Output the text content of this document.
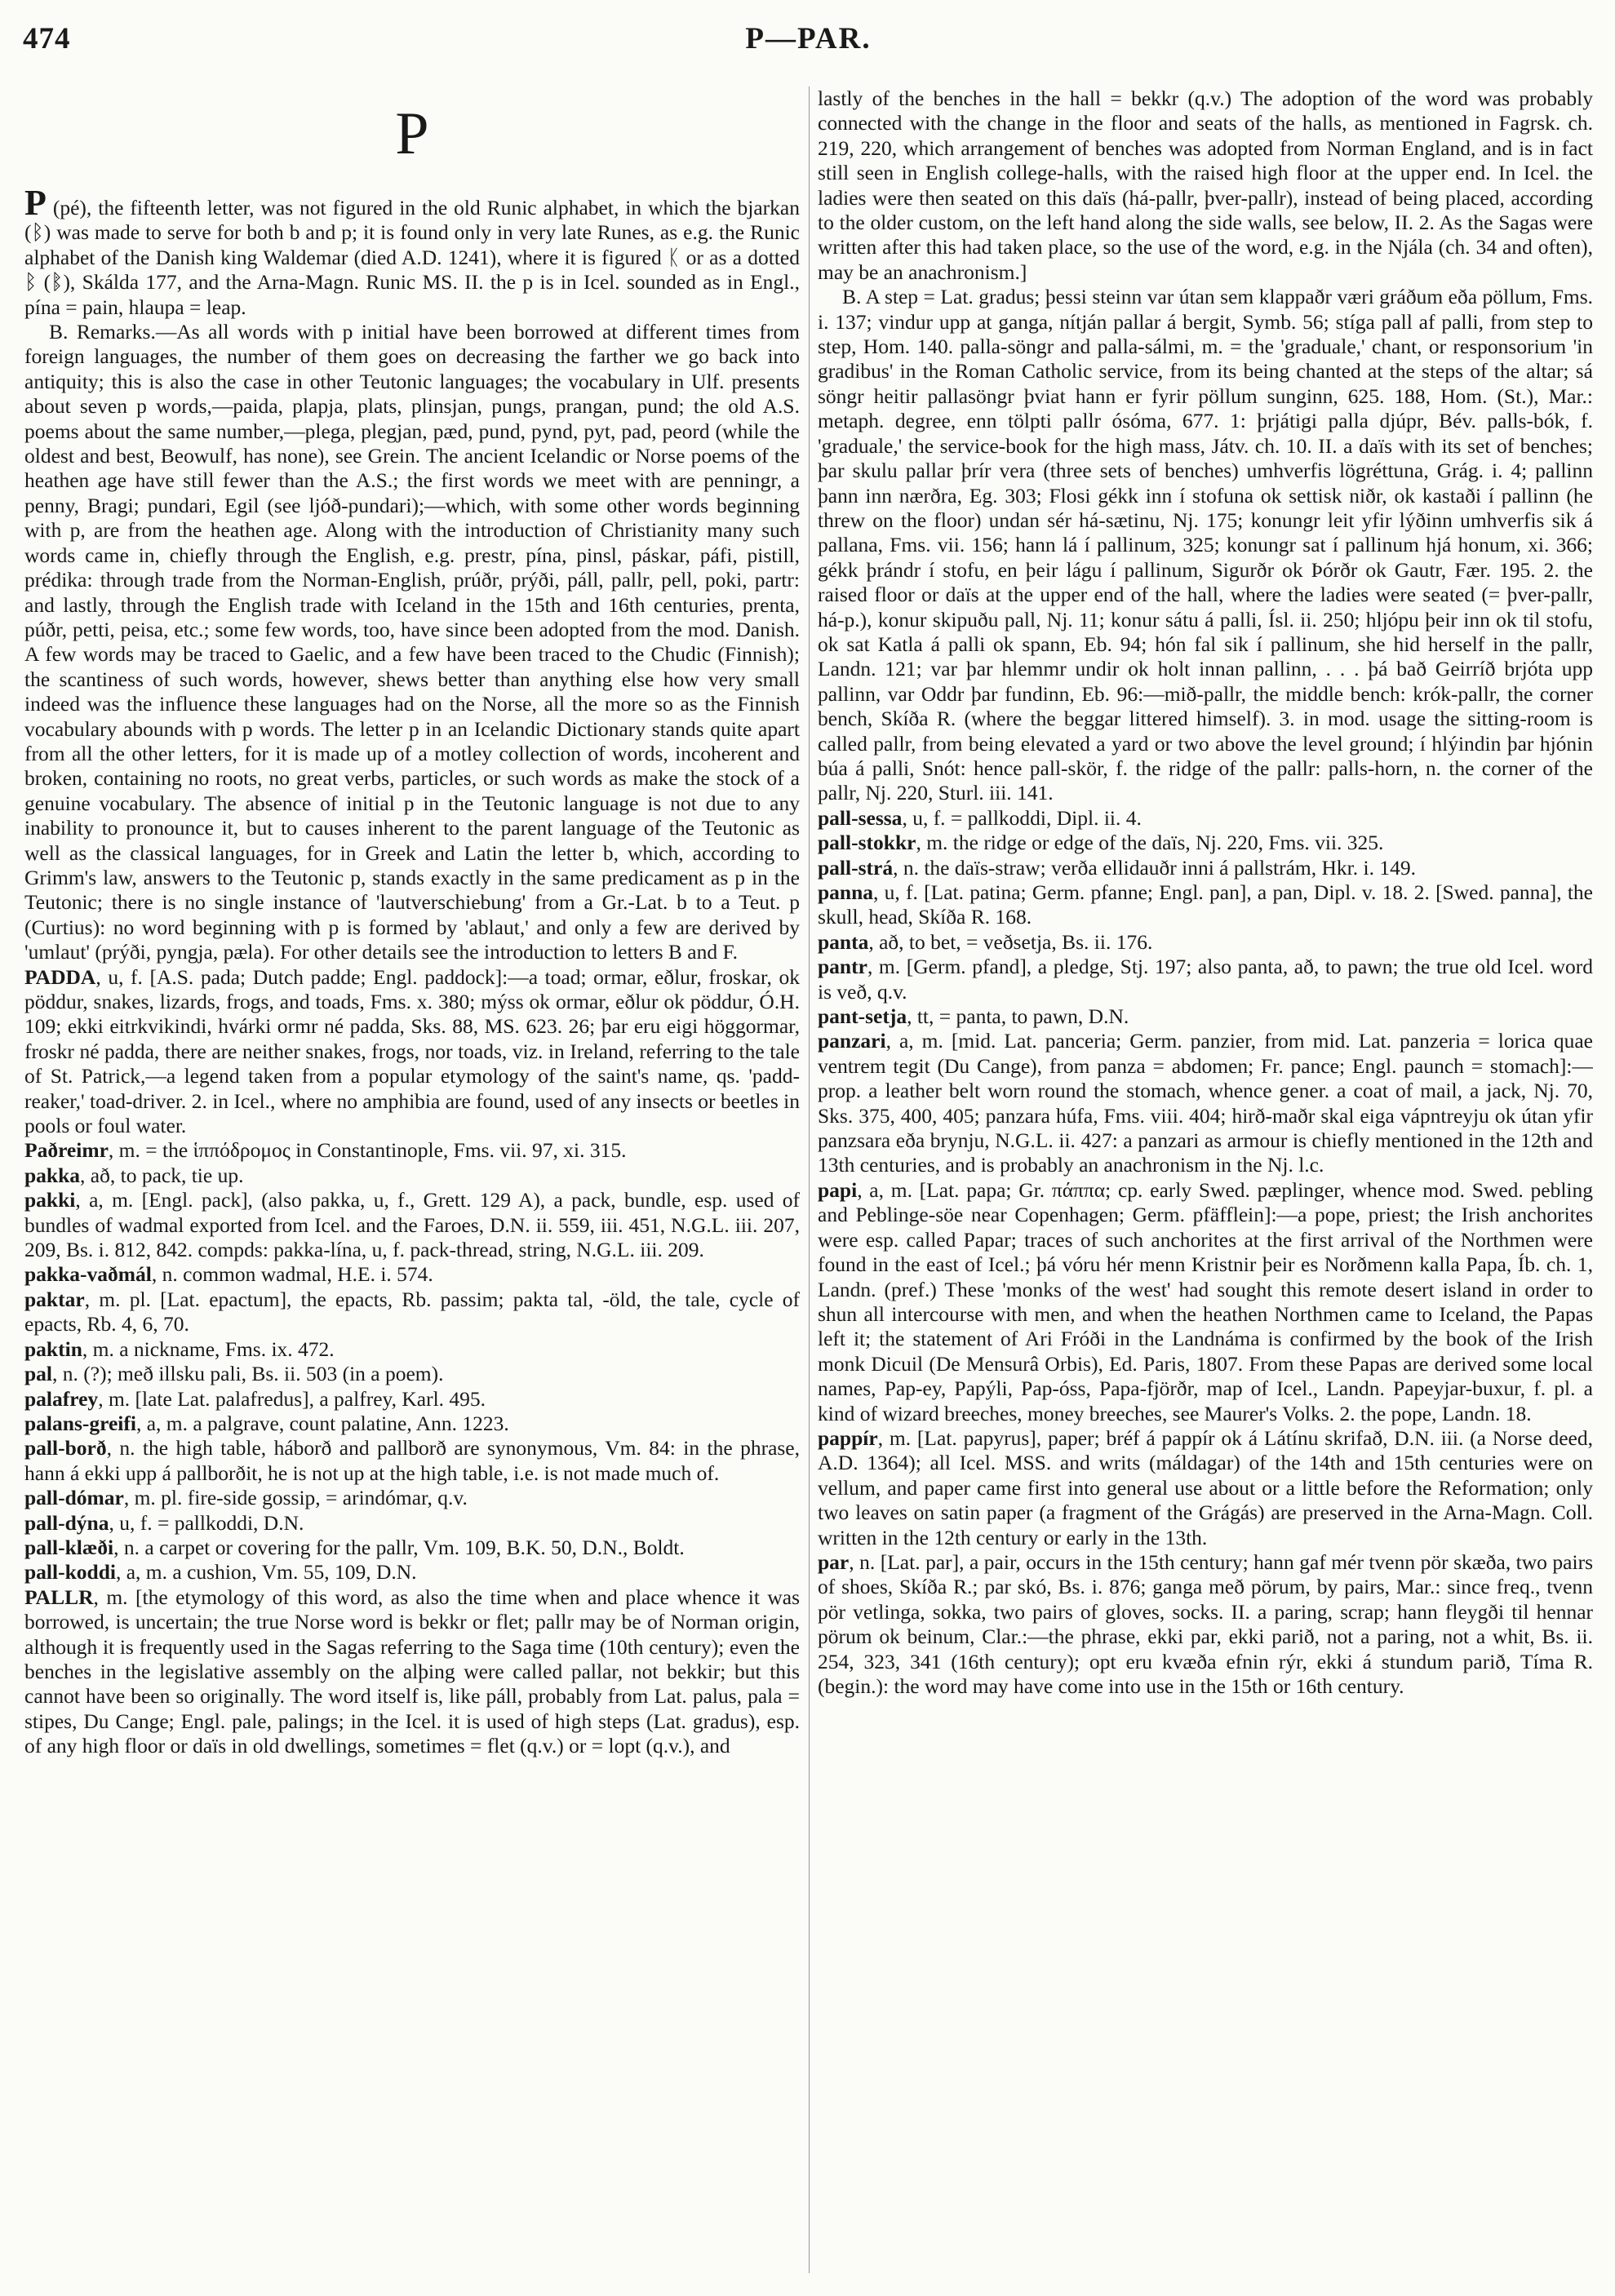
474	P—PAR.
P

P (pé), the fifteenth letter, was not figured in the old Runic alphabet, in which the bjarkan (ᛒ) was made to serve for both b and p; it is found only in very late Runes, as e.g. the Runic alphabet of the Danish king Waldemar (died A.D. 1241), where it is figured ᛕ or as a dotted ᛒ (ᛔ), Skálda 177, and the Arna-Magn. Runic MS. II. the p is in Icel. sounded as in Engl., pína = pain, hlaupa = leap.

B. Remarks.—As all words with p initial have been borrowed at different times from foreign languages, the number of them goes on decreasing the farther we go back into antiquity; this is also the case in other Teutonic languages; the vocabulary in Ulf. presents about seven p words,—paida, plapja, plats, plinsjan, pungs, prangan, pund; the old A.S. poems about the same number,—plega, plegjan, pæd, pund, pynd, pyt, pad, peord (while the oldest and best, Beowulf, has none), see Grein. The ancient Icelandic or Norse poems of the heathen age have still fewer than the A.S.; the first words we meet with are penningr, a penny, Bragi; pundari, Egil (see ljóð-pundari);—which, with some other words beginning with p, are from the heathen age. Along with the introduction of Christianity many such words came in, chiefly through the English, e.g. prestr, pína, pinsl, páskar, páfi, pistill, prédika: through trade from the Norman-English, prúðr, prýði, páll, pallr, pell, poki, partr: and lastly, through the English trade with Iceland in the 15th and 16th centuries, prenta, púðr, petti, peisa, etc.; some few words, too, have since been adopted from the mod. Danish. A few words may be traced to Gaelic, and a few have been traced to the Chudic (Finnish); the scantiness of such words, however, shews better than anything else how very small indeed was the influence these languages had on the Norse, all the more so as the Finnish vocabulary abounds with p words. The letter p in an Icelandic Dictionary stands quite apart from all the other letters, for it is made up of a motley collection of words, incoherent and broken, containing no roots, no great verbs, particles, or such words as make the stock of a genuine vocabulary. The absence of initial p in the Teutonic language is not due to any inability to pronounce it, but to causes inherent to the parent language of the Teutonic as well as the classical languages, for in Greek and Latin the letter b, which, according to Grimm's law, answers to the Teutonic p, stands exactly in the same predicament as p in the Teutonic; there is no single instance of 'lautverschiebung' from a Gr.-Lat. b to a Teut. p (Curtius): no word beginning with p is formed by 'ablaut,' and only a few are derived by 'umlaut' (prýði, pyngja, pæla). For other details see the introduction to letters B and F.

PADDA, u, f. [A.S. pada; Dutch padde; Engl. paddock]:—a toad; ormar, eðlur, froskar, ok pöddur, snakes, lizards, frogs, and toads, Fms. x. 380; mýss ok ormar, eðlur ok pöddur, Ó.H. 109; ekki eitrkvikindi, hvárki ormr né padda, Sks. 88, MS. 623. 26; þar eru eigi höggormar, froskr né padda, there are neither snakes, frogs, nor toads, viz. in Ireland, referring to the tale of St. Patrick,—a legend taken from a popular etymology of the saint's name, qs. 'padd-reaker,' toad-driver. 2. in Icel., where no amphibia are found, used of any insects or beetles in pools or foul water.

Paðreimr, m. = the ἱππόδρομος in Constantinople, Fms. vii. 97, xi. 315.

pakka, að, to pack, tie up.

pakki, a, m. [Engl. pack], (also pakka, u, f., Grett. 129 A), a pack, bundle, esp. used of bundles of wadmal exported from Icel. and the Faroes, D.N. ii. 559, iii. 451, N.G.L. iii. 207, 209, Bs. i. 812, 842. compds: pakka-lína, u, f. pack-thread, string, N.G.L. iii. 209.

pakka-vaðmál, n. common wadmal, H.E. i. 574.

paktar, m. pl. [Lat. epactum], the epacts, Rb. passim; pakta tal, -öld, the tale, cycle of epacts, Rb. 4, 6, 70.

paktin, m. a nickname, Fms. ix. 472.

pal, n. (?); með illsku pali, Bs. ii. 503 (in a poem).

palafrey, m. [late Lat. palafredus], a palfrey, Karl. 495.

palans-greifi, a, m. a palgrave, count palatine, Ann. 1223.

pall-borð, n. the high table, háborð and pallborð are synonymous, Vm. 84: in the phrase, hann á ekki upp á pallborðit, he is not up at the high table, i.e. is not made much of.

pall-dómar, m. pl. fire-side gossip, = arindómar, q.v.

pall-dýna, u, f. = pallkoddi, D.N.

pall-klæði, n. a carpet or covering for the pallr, Vm. 109, B.K. 50, D.N., Boldt.

pall-koddi, a, m. a cushion, Vm. 55, 109, D.N.

PALLR, m. [the etymology of this word, as also the time when and place whence it was borrowed, is uncertain; the true Norse word is bekkr or flet; pallr may be of Norman origin, although it is frequently used in the Sagas referring to the Saga time (10th century); even the benches in the legislative assembly on the alþing were called pallar, not bekkir; but this cannot have been so originally. The word itself is, like páll, probably from Lat. palus, pala = stipes, Du Cange; Engl. pale, palings; in the Icel. it is used of high steps (Lat. gradus), esp. of any high floor or daïs in old dwellings, sometimes = flet (q.v.) or = lopt (q.v.), and

lastly of the benches in the hall = bekkr (q.v.) The adoption of the word was probably connected with the change in the floor and seats of the halls, as mentioned in Fagrsk. ch. 219, 220, which arrangement of benches was adopted from Norman England, and is in fact still seen in English college-halls, with the raised high floor at the upper end. In Icel. the ladies were then seated on this daïs (há-pallr, þver-pallr), instead of being placed, according to the older custom, on the left hand along the side walls, see below, II. 2. As the Sagas were written after this had taken place, so the use of the word, e.g. in the Njála (ch. 34 and often), may be an anachronism.]

B. A step = Lat. gradus; þessi steinn var útan sem klappaðr væri gráðum eða pöllum, Fms. i. 137; vindur upp at ganga, nítján pallar á bergit, Symb. 56; stíga pall af palli, from step to step, Hom. 140. palla-söngr and palla-sálmi, m. = the 'graduale,' chant, or responsorium 'in gradibus' in the Roman Catholic service, from its being chanted at the steps of the altar; sá söngr heitir pallasöngr þviat hann er fyrir pöllum sunginn, 625. 188, Hom. (St.), Mar.: metaph. degree, enn tölpti pallr ósóma, 677. 1: þrjátigi palla djúpr, Bév. palls-bók, f. 'graduale,' the service-book for the high mass, Játv. ch. 10. II. a daïs with its set of benches; þar skulu pallar þrír vera (three sets of benches) umhverfis lögréttuna, Grág. i. 4; pallinn þann inn nærðra, Eg. 303; Flosi gékk inn í stofuna ok settisk niðr, ok kastaði í pallinn (he threw on the floor) undan sér há-sætinu, Nj. 175; konungr leit yfir lýðinn umhverfis sik á pallana, Fms. vii. 156; hann lá í pallinum, 325; konungr sat í pallinum hjá honum, xi. 366; gékk þrándr í stofu, en þeir lágu í pallinum, Sigurðr ok Þórðr ok Gautr, Fær. 195. 2. the raised floor or daïs at the upper end of the hall, where the ladies were seated (= þver-pallr, há-p.), konur skipuðu pall, Nj. 11; konur sátu á palli, Ísl. ii. 250; hljópu þeir inn ok til stofu, ok sat Katla á palli ok spann, Eb. 94; hón fal sik í pallinum, she hid herself in the pallr, Landn. 121; var þar hlemmr undir ok holt innan pallinn, . . . þá bað Geirríð brjóta upp pallinn, var Oddr þar fundinn, Eb. 96:—mið-pallr, the middle bench: krók-pallr, the corner bench, Skíða R. (where the beggar littered himself). 3. in mod. usage the sitting-room is called pallr, from being elevated a yard or two above the level ground; í hlýindin þar hjónin búa á palli, Snót: hence pall-skör, f. the ridge of the pallr: palls-horn, n. the corner of the pallr, Nj. 220, Sturl. iii. 141.

pall-sessa, u, f. = pallkoddi, Dipl. ii. 4.

pall-stokkr, m. the ridge or edge of the daïs, Nj. 220, Fms. vii. 325.

pall-strá, n. the daïs-straw; verða ellidauðr inni á pallstrám, Hkr. i. 149.

panna, u, f. [Lat. patina; Germ. pfanne; Engl. pan], a pan, Dipl. v. 18. 2. [Swed. panna], the skull, head, Skíða R. 168.

panta, að, to bet, = veðsetja, Bs. ii. 176.

pantr, m. [Germ. pfand], a pledge, Stj. 197; also panta, að, to pawn; the true old Icel. word is veð, q.v.

pant-setja, tt, = panta, to pawn, D.N.

panzari, a, m. [mid. Lat. panceria; Germ. panzier, from mid. Lat. panzeria = lorica quae ventrem tegit (Du Cange), from panza = abdomen; Fr. pance; Engl. paunch = stomach]:—prop. a leather belt worn round the stomach, whence gener. a coat of mail, a jack, Nj. 70, Sks. 375, 400, 405; panzara húfa, Fms. viii. 404; hirð-maðr skal eiga vápntreyju ok útan yfir panzsara eða brynju, N.G.L. ii. 427: a panzari as armour is chiefly mentioned in the 12th and 13th centuries, and is probably an anachronism in the Nj. l.c.

papi, a, m. [Lat. papa; Gr. πάππα; cp. early Swed. pæplinger, whence mod. Swed. pebling and Peblinge-söe near Copenhagen; Germ. pfäfflein]:—a pope, priest; the Irish anchorites were esp. called Papar; traces of such anchorites at the first arrival of the Northmen were found in the east of Icel.; þá vóru hér menn Kristnir þeir es Norðmenn kalla Papa, Íb. ch. 1, Landn. (pref.) These 'monks of the west' had sought this remote desert island in order to shun all intercourse with men, and when the heathen Northmen came to Iceland, the Papas left it; the statement of Ari Fróði in the Landnáma is confirmed by the book of the Irish monk Dicuil (De Mensurâ Orbis), Ed. Paris, 1807. From these Papas are derived some local names, Pap-ey, Papýli, Pap-óss, Papa-fjörðr, map of Icel., Landn. Papeyjar-buxur, f. pl. a kind of wizard breeches, money breeches, see Maurer's Volks. 2. the pope, Landn. 18.

pappír, m. [Lat. papyrus], paper; bréf á pappír ok á Látínu skrifað, D.N. iii. (a Norse deed, A.D. 1364); all Icel. MSS. and writs (máldagar) of the 14th and 15th centuries were on vellum, and paper came first into general use about or a little before the Reformation; only two leaves on satin paper (a fragment of the Grágás) are preserved in the Arna-Magn. Coll. written in the 12th century or early in the 13th.

par, n. [Lat. par], a pair, occurs in the 15th century; hann gaf mér tvenn pör skæða, two pairs of shoes, Skíða R.; par skó, Bs. i. 876; ganga með pörum, by pairs, Mar.: since freq., tvenn pör vetlinga, sokka, two pairs of gloves, socks. II. a paring, scrap; hann fleygði til hennar pörum ok beinum, Clar.:—the phrase, ekki par, ekki parið, not a paring, not a whit, Bs. ii. 254, 323, 341 (16th century); opt eru kvæða efnin rýr, ekki á stundum parið, Tíma R. (begin.): the word may have come into use in the 15th or 16th century.
